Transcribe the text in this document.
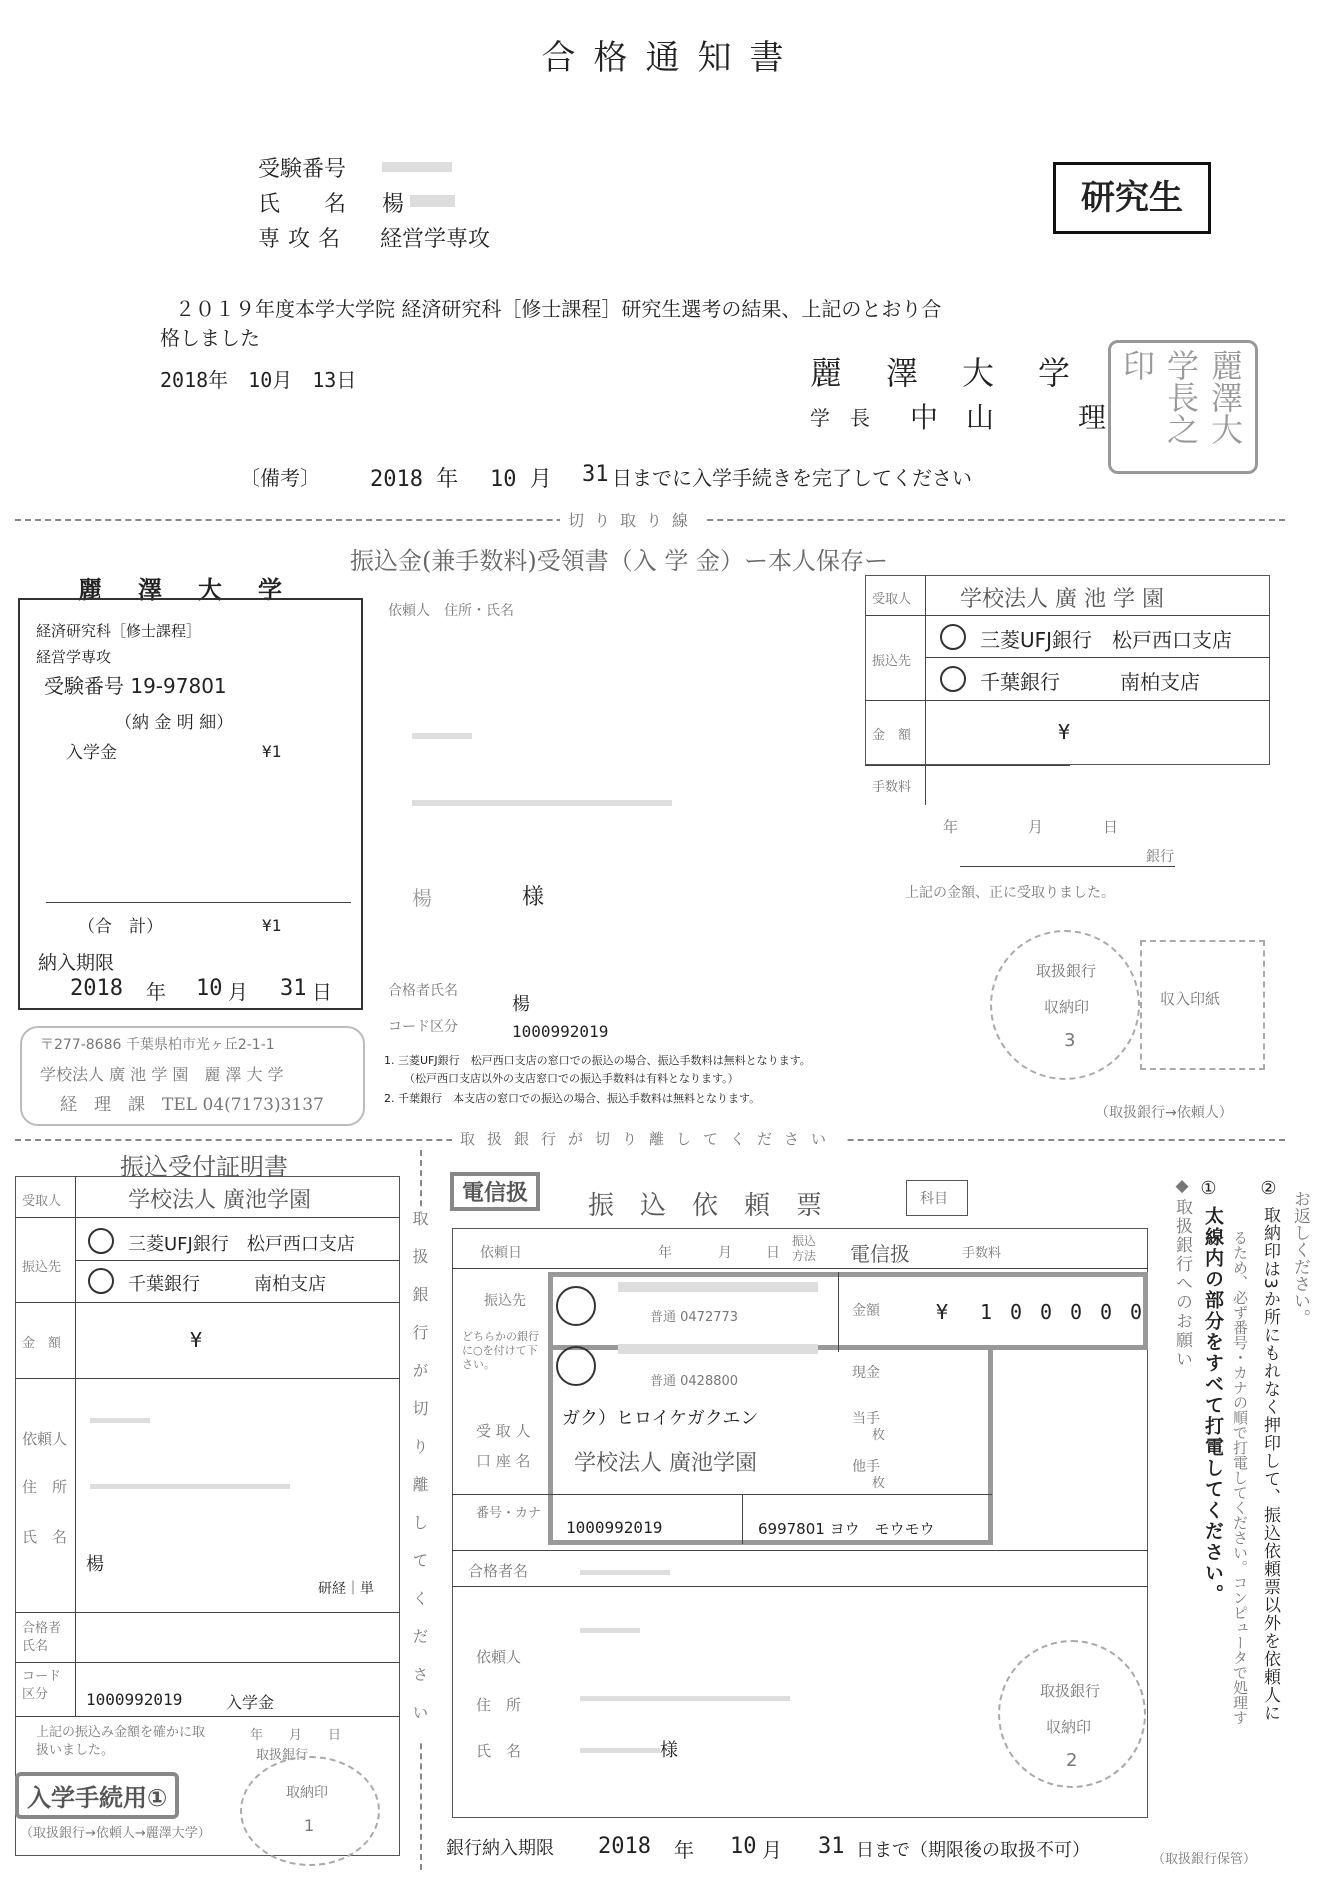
合格通知書
受験番号
氏　　名 楊
専攻名 経営学専攻
研究生
２０１９年度本学大学院 経済研究科［修士課程］研究生選考の結果、上記のとおり合
格しました
2018年　10月　13日	麗　澤　大　学
学　長 中　山　　　理	麗澤大学長之印
〔備考〕 2018 年 10 月 31 日までに入学手続きを完了してください
切り取り線
振込金(兼手数料)受領書（入 学 金）ー本人保存ー
麗　澤　大　学
経済研究科［修士課程］
経営学専攻
受験番号 19-97801
（納 金 明 細）
入学金	¥1
（合　計）	¥1
納入期限
2018 年 10 月 31 日
〒277-8686 千葉県柏市光ヶ丘2-1-1
学校法人 廣 池 学 園　麗 澤 大 学
経　理　課　TEL 04(7173)3137
依頼人　住所・氏名
楊	様
合格者氏名
楊
コード区分	1000992019
1. 三菱UFJ銀行　松戸西口支店の窓口での振込の場合、振込手数料は無料となります。
（松戸西口支店以外の支店窓口での振込手数料は有料となります。）
2. 千葉銀行　本支店の窓口での振込の場合、振込手数料は無料となります。
受取人 学校法人 廣 池 学 園
振込先
三菱UFJ銀行　松戸西口支店
千葉銀行　　　南柏支店
金　額	¥
手数料
年	月	日
銀行
上記の金額、正に受取りました。
取扱銀行
収納印
3
収入印紙
（取扱銀行→依頼人）
取扱銀行が切り離してください
取扱銀行が切り離してください
振込受付証明書
受取人	学校法人 廣池学園
振込先
三菱UFJ銀行　松戸西口支店
千葉銀行　　　南柏支店
金　額	¥
依頼人
住　所
氏　名
楊
研経｜単
合格者氏名
コード区分	1000992019	入学金
上記の振込み金額を確かに取扱いました。
年　　月　　日
取扱銀行
入学手続用①
（取扱銀行→依頼人→麗澤大学）
取納印
1
電信扱	振　込　依　頼　票	科目
依頼日	年	月 日
振込方法	電信扱	手数料
振込先
どちらかの銀行に○を付けて下さい。
普通 0472773
普通 0428800
金額	¥ 1 0 0 0 0 0
現金
当手
枚
他手
枚
受 取 人
口 座 名
ガク）ヒロイケガクエン
学校法人 廣池学園
番号・カナ
1000992019	6997801 ヨウ　モウモウ
合格者名
依頼人
住　所
氏　名	様
取扱銀行
収納印
2
銀行納入期限 2018 年 10 月 31 日まで（期限後の取扱不可）	（取扱銀行保管）
①
太線内の部分をすべて打電してください。
◆取扱銀行へのお願い	②
取納印は3か所にもれなく押印して、振込依頼票以外を依頼人に お返しください。
るため、必ず番号・カナの順で打電してください。コンピュータで処理す
